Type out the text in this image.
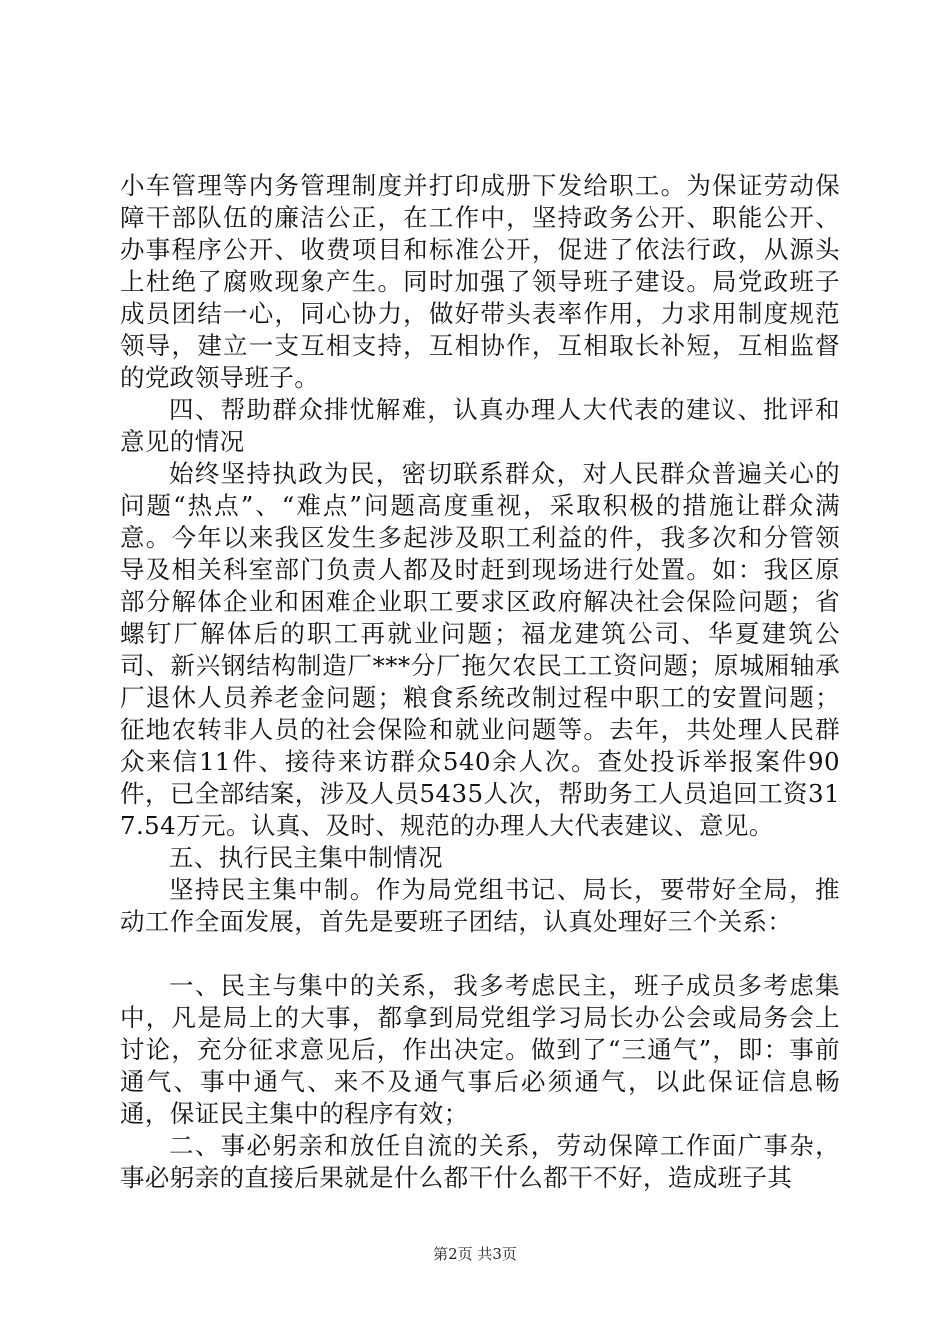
小车管理等内务管理制度并打印成册下发给职工。为保证劳动保障干部队伍的廉洁公正，在工作中，坚持政务公开、职能公开、办事程序公开、收费项目和标准公开，促进了依法行政，从源头上杜绝了腐败现象产生。同时加强了领导班子建设。局党政班子成员团结一心，同心协力，做好带头表率作用，力求用制度规范领导，建立一支互相支持，互相协作，互相取长补短，互相监督的党政领导班子。

四、帮助群众排忧解难，认真办理人大代表的建议、批评和意见的情况

始终坚持执政为民，密切联系群众，对人民群众普遍关心的问题“热点”、“难点”问题高度重视，采取积极的措施让群众满意。今年以来我区发生多起涉及职工利益的件，我多次和分管领导及相关科室部门负责人都及时赶到现场进行处置。如：我区原部分解体企业和困难企业职工要求区政府解决社会保险问题；省螺钉厂解体后的职工再就业问题；福龙建筑公司、华夏建筑公司、新兴钢结构制造厂***分厂拖欠农民工工资问题；原城厢轴承厂退休人员养老金问题；粮食系统改制过程中职工的安置问题；征地农转非人员的社会保险和就业问题等。去年，共处理人民群众来信11件、接待来访群众540余人次。查处投诉举报案件90件，已全部结案，涉及人员5435人次，帮助务工人员追回工资317.54万元。认真、及时、规范的办理人大代表建议、意见。

五、执行民主集中制情况

坚持民主集中制。作为局党组书记、局长，要带好全局，推动工作全面发展，首先是要班子团结，认真处理好三个关系：

一、民主与集中的关系，我多考虑民主，班子成员多考虑集中，凡是局上的大事，都拿到局党组学习局长办公会或局务会上讨论，充分征求意见后，作出决定。做到了“三通气”，即：事前通气、事中通气、来不及通气事后必须通气，以此保证信息畅通，保证民主集中的程序有效；

二、事必躬亲和放任自流的关系，劳动保障工作面广事杂，事必躬亲的直接后果就是什么都干什么都干不好，造成班子其

第2页 共3页
